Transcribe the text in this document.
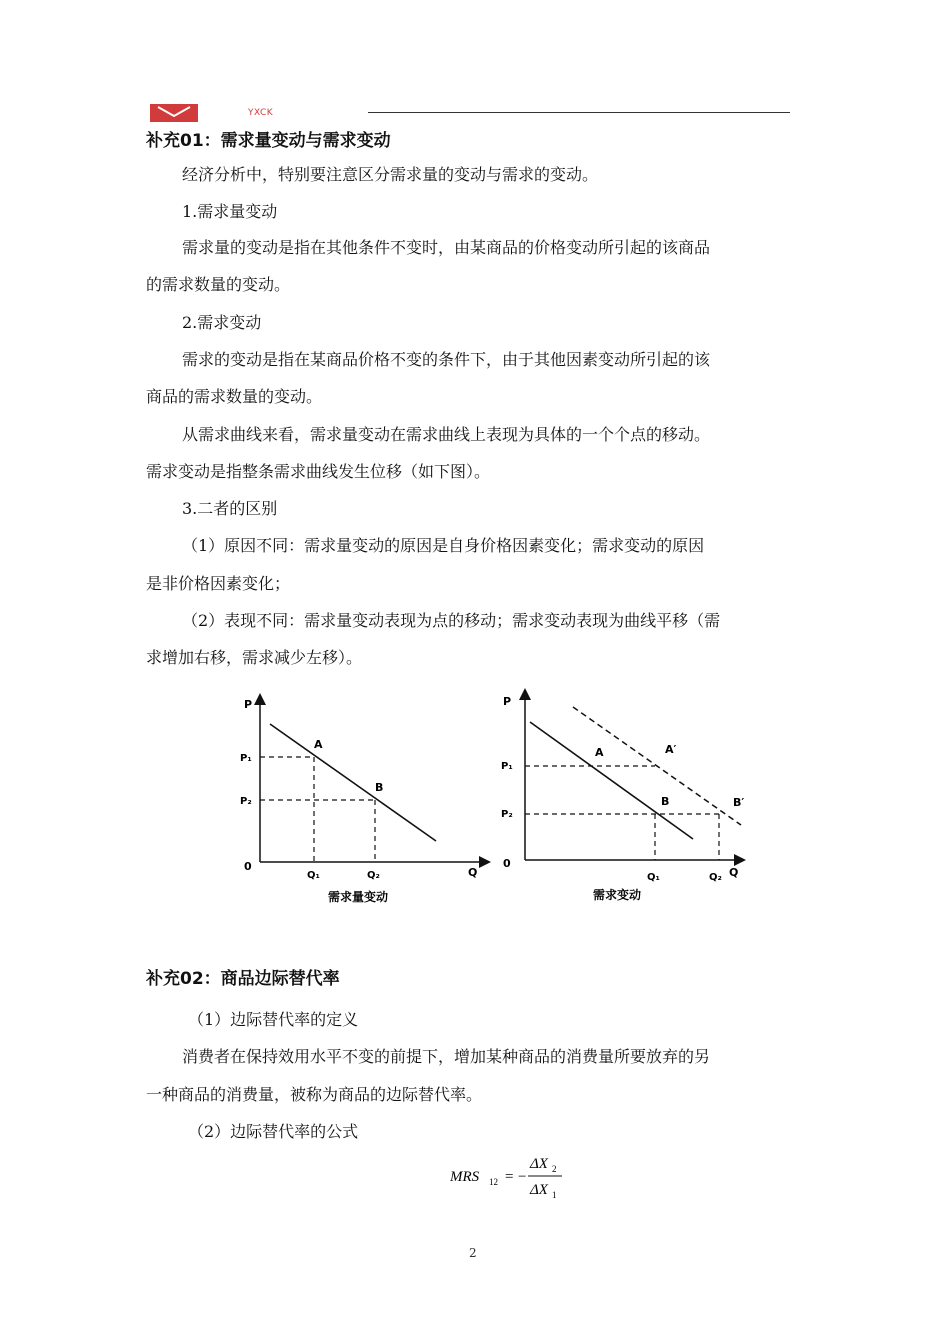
YXCK
补充01：需求量变动与需求变动
经济分析中，特别要注意区分需求量的变动与需求的变动。
1.需求量变动
需求量的变动是指在其他条件不变时，由某商品的价格变动所引起的该商品
的需求数量的变动。
2.需求变动
需求的变动是指在某商品价格不变的条件下，由于其他因素变动所引起的该
商品的需求数量的变动。
从需求曲线来看，需求量变动在需求曲线上表现为具体的一个个点的移动。
需求变动是指整条需求曲线发生位移（如下图）。
3.二者的区别
（1）原因不同：需求量变动的原因是自身价格因素变化；需求变动的原因
是非价格因素变化；
（2）表现不同：需求量变动表现为点的移动；需求变动表现为曲线平移（需
求增加右移，需求减少左移）。
P
Q
0
P₁
P₂
Q₁	Q₂
A
B
需求量变动
P
Q
0
P₁
P₂
Q₁	Q₂
A
B
A′
B′
需求变动
补充02：商品边际替代率
（1）边际替代率的定义
消费者在保持效用水平不变的前提下，增加某种商品的消费量所要放弃的另
一种商品的消费量，被称为商品的边际替代率。
（2）边际替代率的公式
MRS 12 = −
ΔX 2
ΔX 1
2
